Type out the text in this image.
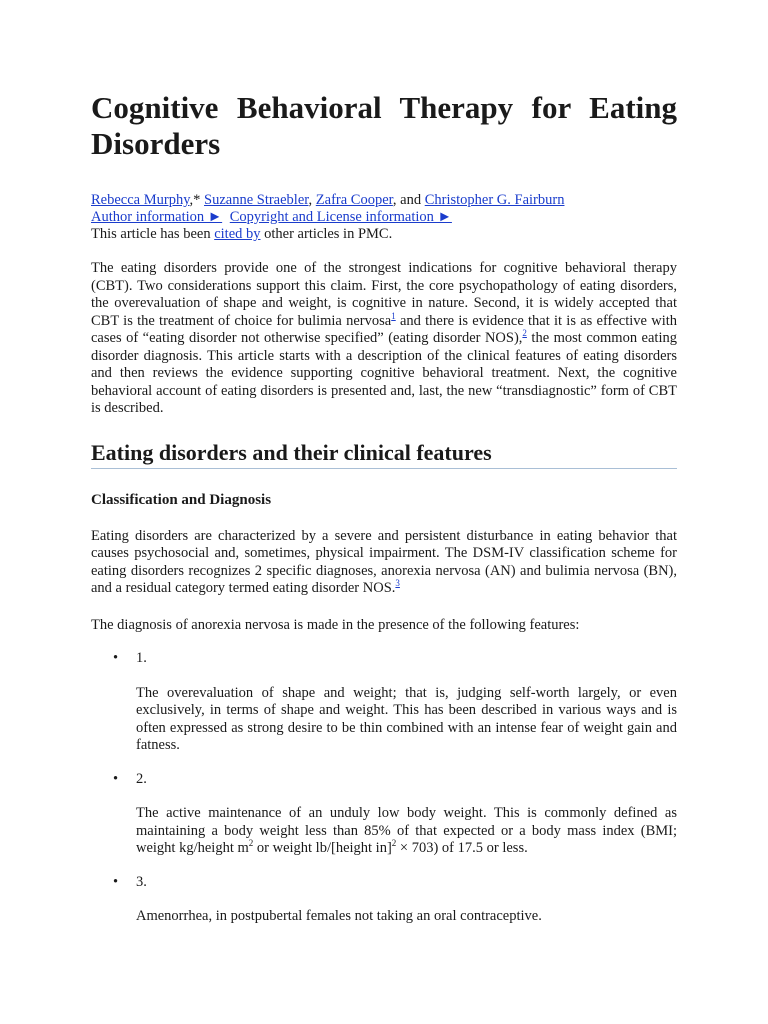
Cognitive Behavioral Therapy for Eating Disorders
Rebecca Murphy,* Suzanne Straebler, Zafra Cooper, and Christopher G. Fairburn
Author information ► Copyright and License information ►
This article has been cited by other articles in PMC.

The eating disorders provide one of the strongest indications for cognitive behavioral therapy (CBT). Two considerations support this claim. First, the core psychopathology of eating disorders, the overevaluation of shape and weight, is cognitive in nature. Second, it is widely accepted that CBT is the treatment of choice for bulimia nervosa$^1$ and there is evidence that it is as effective with cases of “eating disorder not otherwise specified” (eating disorder NOS),$^2$ the most common eating disorder diagnosis. This article starts with a description of the clinical features of eating disorders and then reviews the evidence supporting cognitive behavioral treatment. Next, the cognitive behavioral account of eating disorders is presented and, last, the new “transdiagnostic” form of CBT is described.

Eating disorders and their clinical features
Classification and Diagnosis

Eating disorders are characterized by a severe and persistent disturbance in eating behavior that causes psychosocial and, sometimes, physical impairment. The DSM-IV classification scheme for eating disorders recognizes 2 specific diagnoses, anorexia nervosa (AN) and bulimia nervosa (BN), and a residual category termed eating disorder NOS.$^3$

The diagnosis of anorexia nervosa is made in the presence of the following features:

• 1.

The overevaluation of shape and weight; that is, judging self-worth largely, or even exclusively, in terms of shape and weight. This has been described in various ways and is often expressed as strong desire to be thin combined with an intense fear of weight gain and fatness.

• 2.

The active maintenance of an unduly low body weight. This is commonly defined as maintaining a body weight less than 85% of that expected or a body mass index (BMI; weight kg/height $m^2$ or weight lb/[height in]$^2$ × 703) of 17.5 or less.

• 3.

Amenorrhea, in postpubertal females not taking an oral contraceptive.
